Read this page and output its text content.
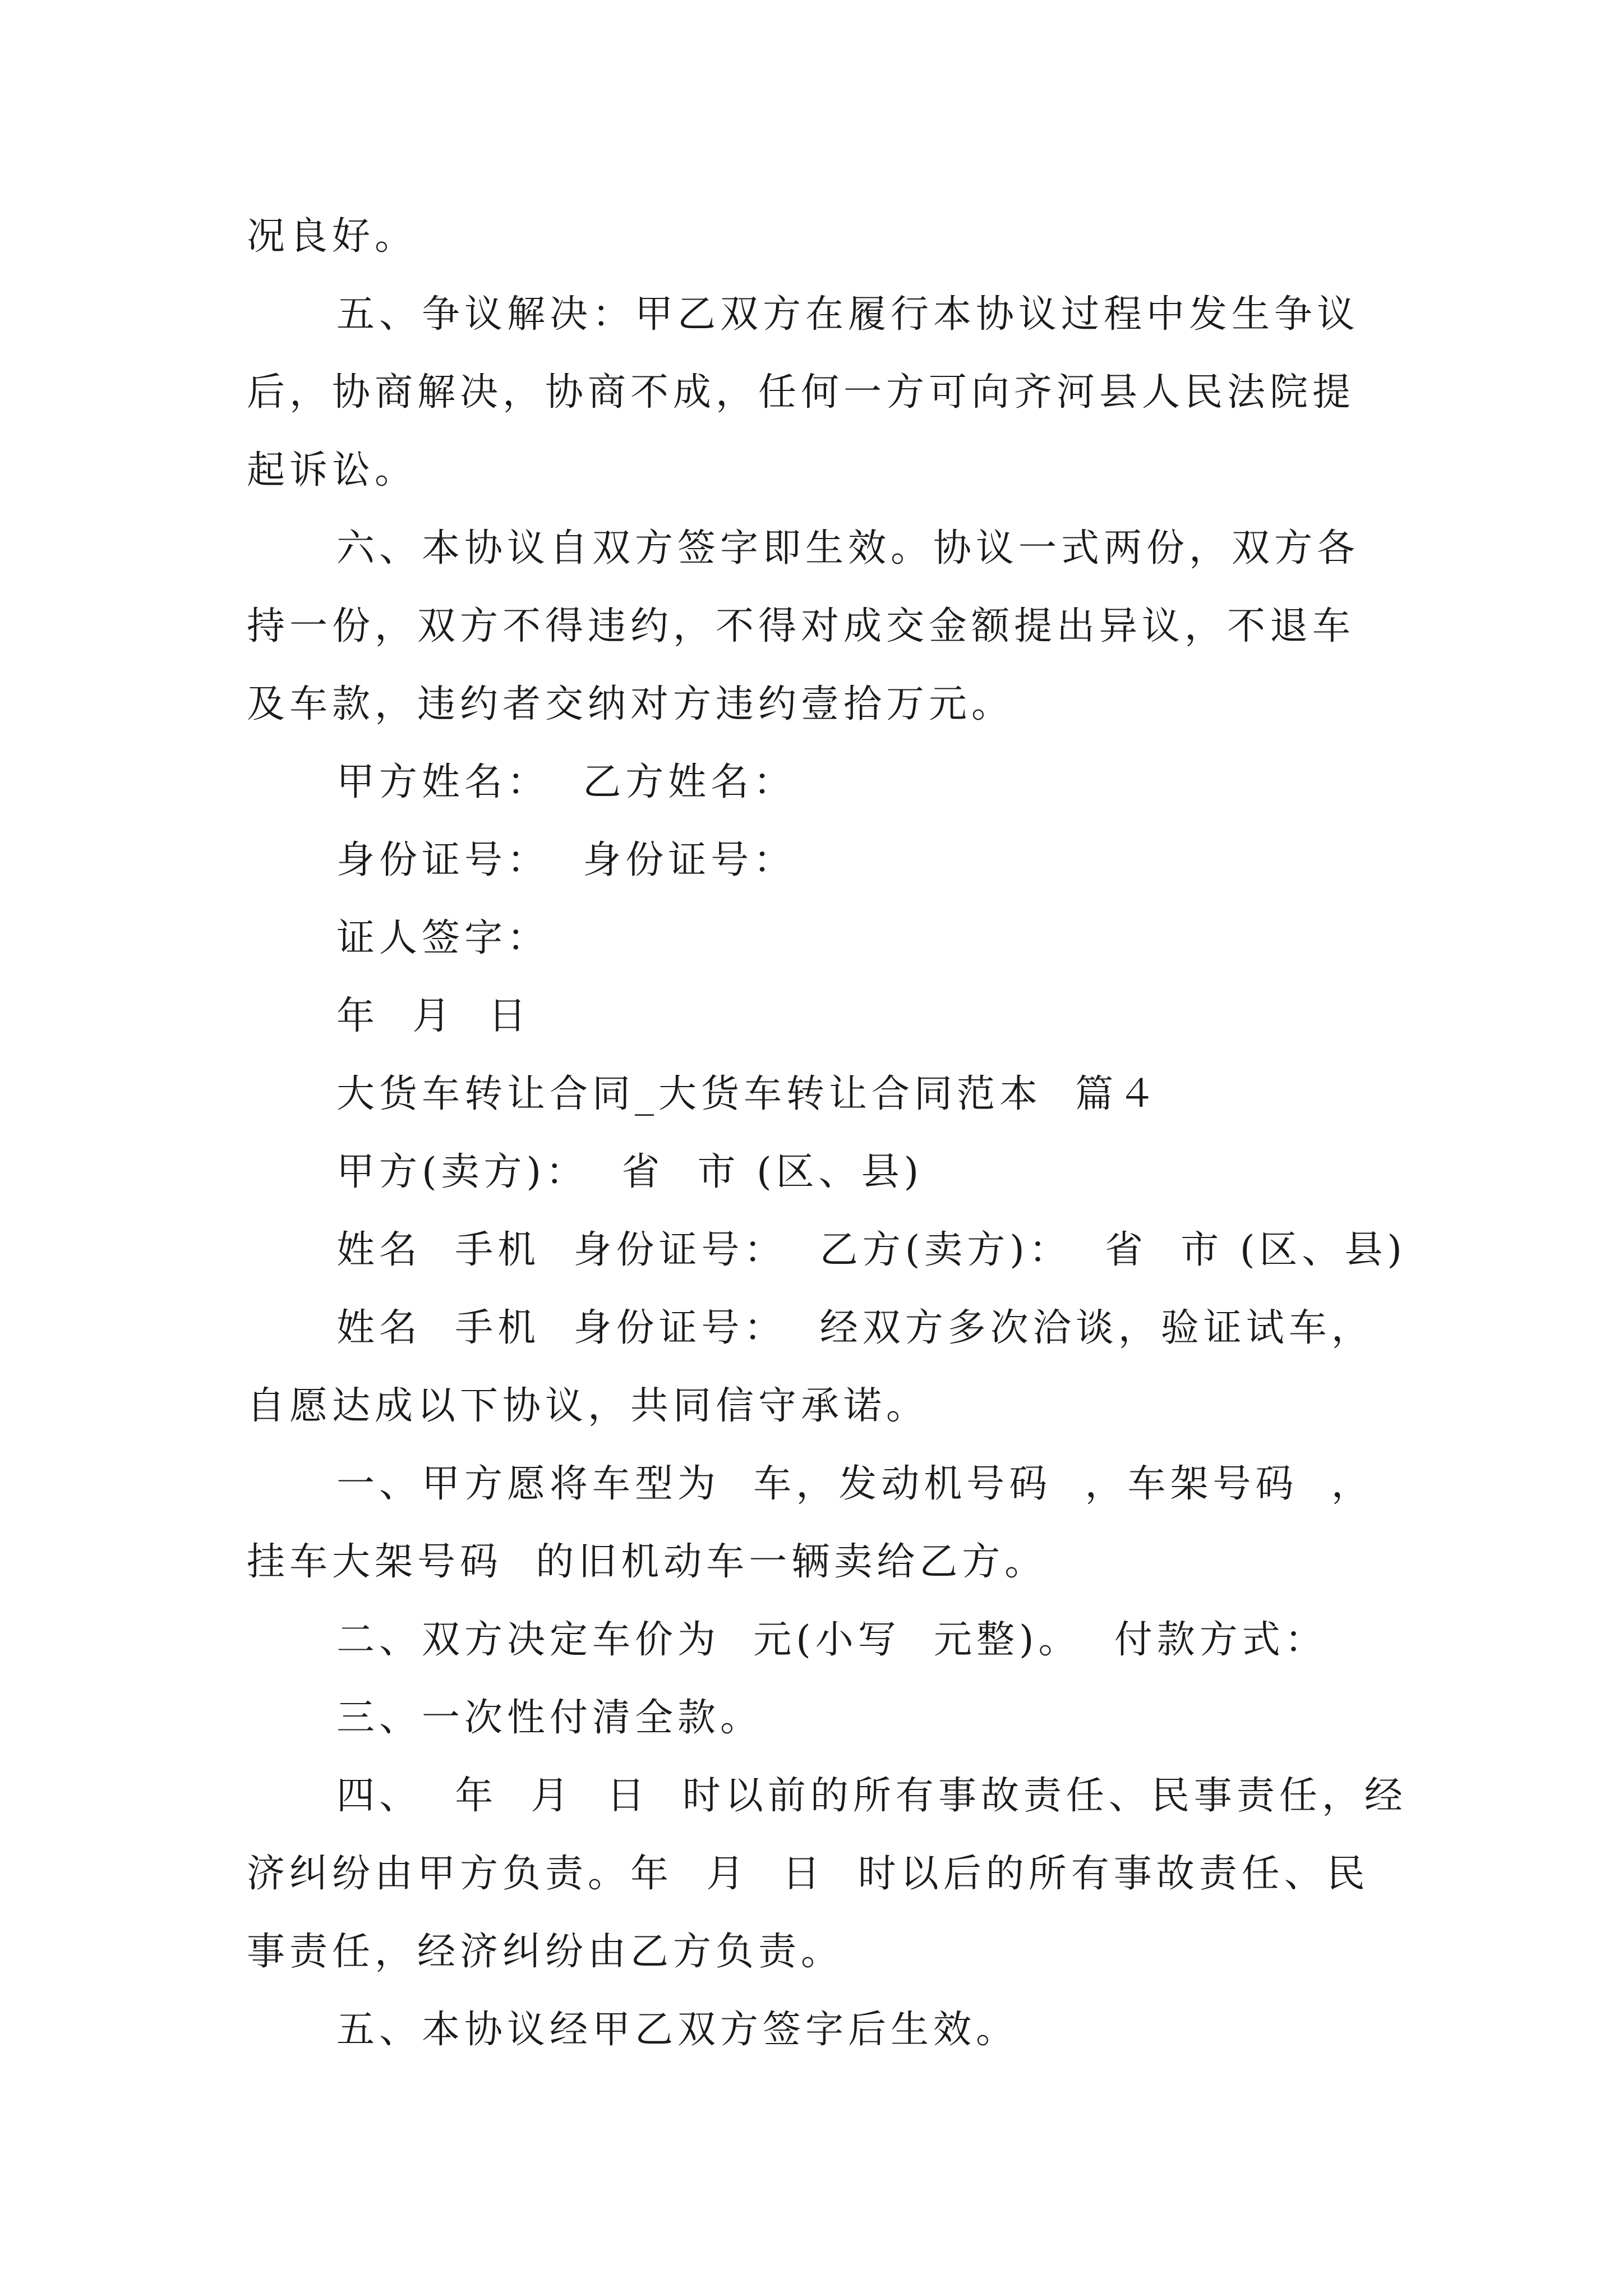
况良好。
五、争议解决：甲乙双方在履行本协议过程中发生争议
后，协商解决，协商不成，任何一方可向齐河县人民法院提
起诉讼。
六、本协议自双方签字即生效。协议一式两份，双方各
持一份，双方不得违约，不得对成交金额提出异议，不退车
及车款，违约者交纳对方违约壹拾万元。
甲方姓名：  乙方姓名：
身份证号：  身份证号：
证人签字：
年  月  日
大货车转让合同_大货车转让合同范本  篇４
甲方(卖方)：  省  市 (区、县)
姓名  手机  身份证号：  乙方(卖方)：  省  市 (区、县)
姓名  手机  身份证号：  经双方多次洽谈，验证试车，
自愿达成以下协议，共同信守承诺。
一、甲方愿将车型为  车，发动机号码  ，车架号码  ，
挂车大架号码  的旧机动车一辆卖给乙方。
二、双方决定车价为  元(小写  元整)。  付款方式：
三、一次性付清全款。
四、  年  月  日  时以前的所有事故责任、民事责任，经
济纠纷由甲方负责。年  月  日  时以后的所有事故责任、民
事责任，经济纠纷由乙方负责。
五、本协议经甲乙双方签字后生效。
